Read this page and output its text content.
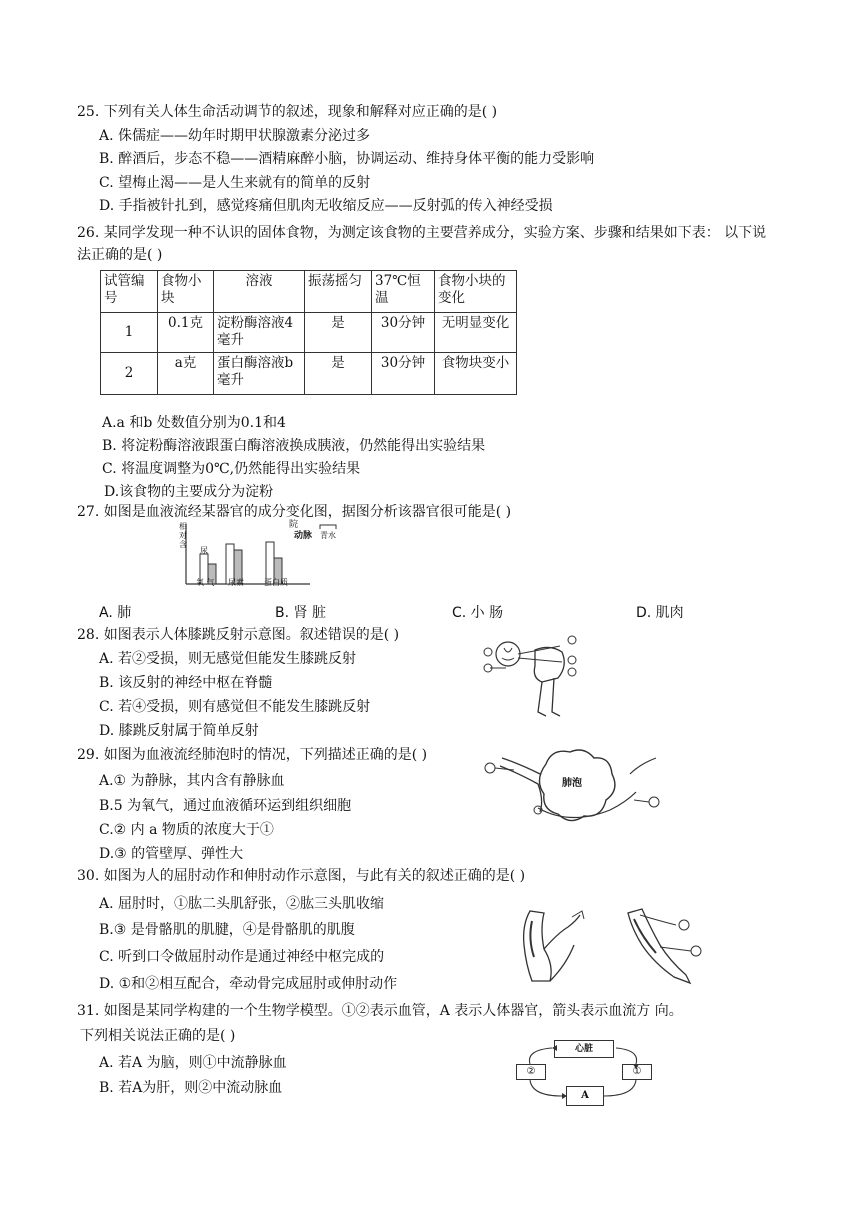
25. 下列有关人体生命活动调节的叙述，现象和解释对应正确的是( )
A. 侏儒症——幼年时期甲状腺激素分泌过多
B. 醉酒后，步态不稳——酒精麻醉小脑，协调运动、维持身体平衡的能力受影响
C. 望梅止渴——是人生来就有的简单的反射
D. 手指被针扎到，感觉疼痛但肌肉无收缩反应——反射弧的传入神经受损
26. 某同学发现一种不认识的固体食物，为测定该食物的主要营养成分，实验方案、步骤和结果如下表： 以下说
法正确的是( )
试管编号	食物小块	溶液	振荡摇匀	37℃恒温	食物小块的变化
1	0.1克	淀粉酶溶液4毫升	是	30分钟	无明显变化
2	a克	蛋白酶溶液b毫升	是	30分钟	食物块变小
A.a 和b 处数值分别为0.1和4
B. 将淀粉酶溶液跟蛋白酶溶液换成胰液，仍然能得出实验结果
C. 将温度调整为0℃,仍然能得出实验结果
D.该食物的主要成分为淀粉
27. 如图是血液流经某器官的成分变化图，据图分析该器官很可能是( )
相对含
尿
院
动脉 青水
氧 气 尿素	蛋白质
A. 肺	B. 肾 脏	C. 小 肠	D. 肌肉
28. 如图表示人体膝跳反射示意图。叙述错误的是( )
A. 若②受损，则无感觉但能发生膝跳反射
B. 该反射的神经中枢在脊髓
C. 若④受损，则有感觉但不能发生膝跳反射
D. 膝跳反射属于简单反射
29. 如图为血液流经肺泡时的情况，下列描述正确的是( )
A.① 为静脉，其内含有静脉血
B.5 为氧气，通过血液循环运到组织细胞
C.② 内 a 物质的浓度大于①
D.③ 的管壁厚、弹性大
肺泡
30. 如图为人的屈肘动作和伸肘动作示意图，与此有关的叙述正确的是( )
A. 屈肘时，①肱二头肌舒张，②肱三头肌收缩
B.③ 是骨骼肌的肌腱，④是骨骼肌的肌腹
C. 听到口令做屈肘动作是通过神经中枢完成的
D. ①和②相互配合，牵动骨完成屈肘或伸肘动作
31. 如图是某同学构建的一个生物学模型。①②表示血管，A 表示人体器官，箭头表示血流方 向。
下列相关说法正确的是( )
A. 若A 为脑，则①中流静脉血
B. 若A为肝，则②中流动脉血
心脏
②	①
A
